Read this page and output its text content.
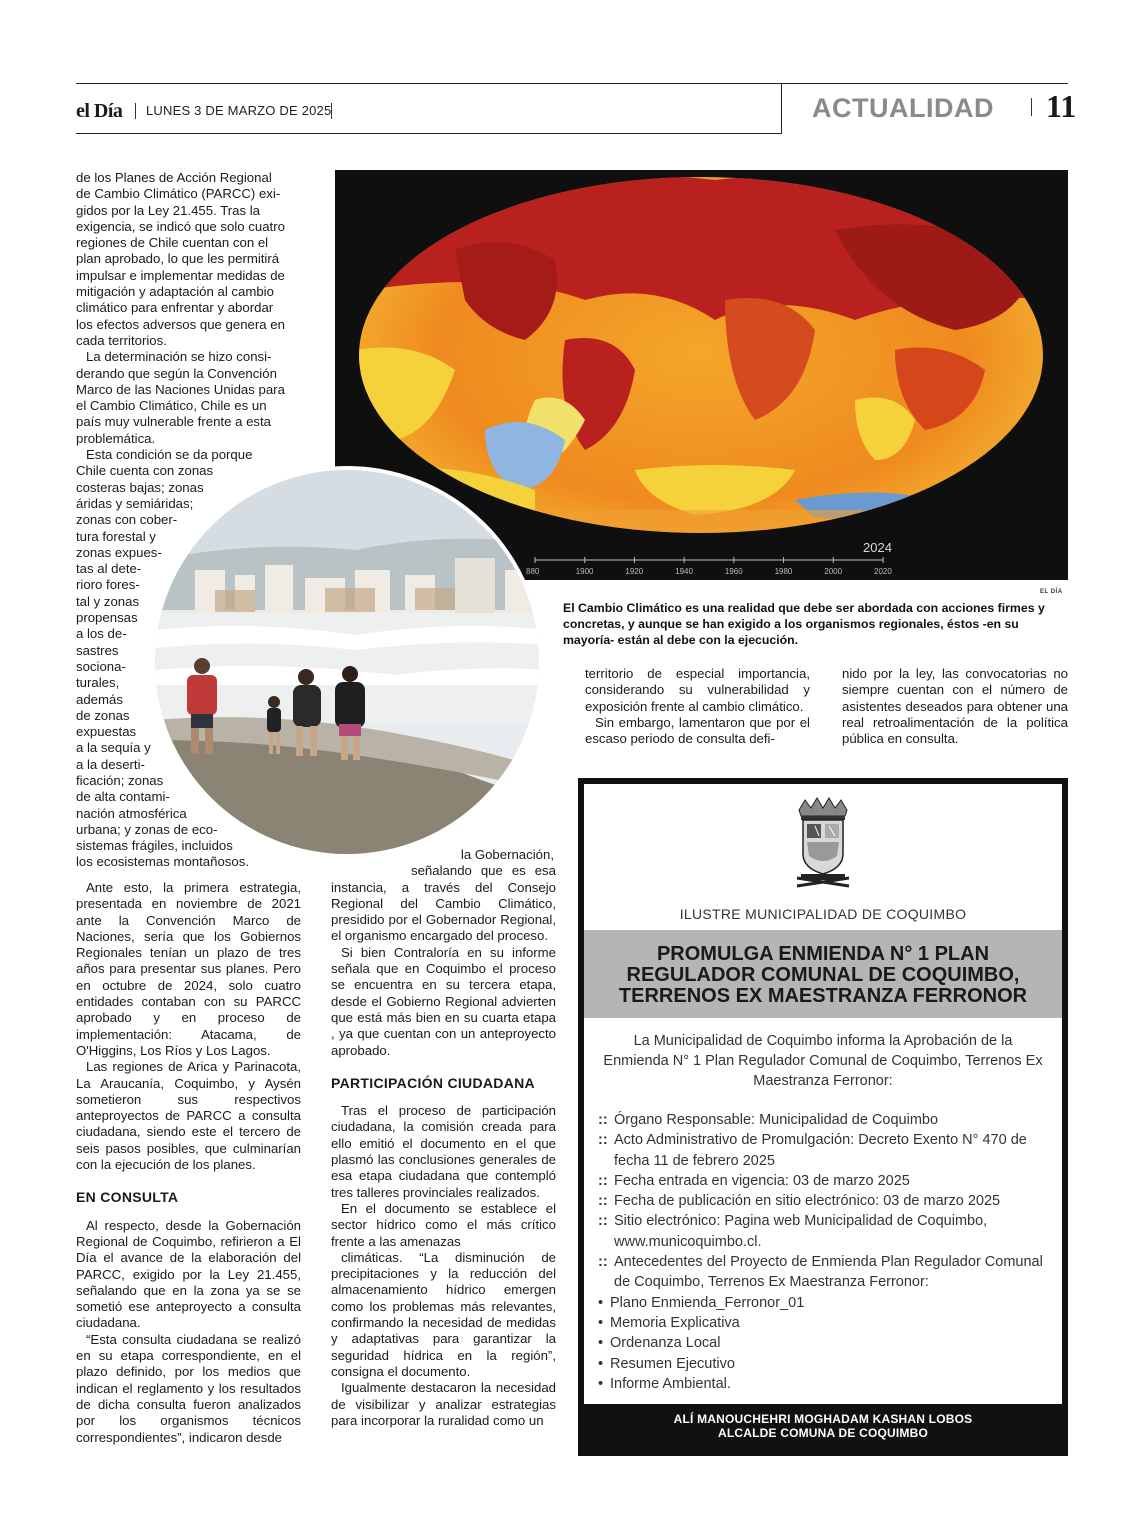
el Día LUNES 3 DE MARZO DE 2025	ACTUALIDAD 11
2024
880	1900	1920	1940	1960	1980	2000	2020
EL DÍA
El Cambio Climático es una realidad que debe ser abordada con acciones firmes y concretas, y aunque se han exigido a los organismos regionales, éstos -en su mayoría- están al debe con la ejecución.
de los Planes de Acción Regional
de Cambio Climático (PARCC) exi-
gidos por la Ley 21.455. Tras la
exigencia, se indicó que solo cuatro
regiones de Chile cuentan con el
plan aprobado, lo que les permitirá
impulsar e implementar medidas de
mitigación y adaptación al cambio
climático para enfrentar y abordar
los efectos adversos que genera en
cada territorios.
La determinación se hizo consi-
derando que según la Convención
Marco de las Naciones Unidas para
el Cambio Climático, Chile es un
país muy vulnerable frente a esta
problemática.
Esta condición se da porque
Chile cuenta con zonas
costeras bajas; zonas
áridas y semiáridas;
zonas con cober-
tura forestal y
zonas expues-
tas al dete-
rioro fores-
tal y zonas
propensas
a los de-
sastres
sociona-
turales,
además
de zonas
expuestas
a la sequía y
a la deserti-
ficación; zonas
de alta contami-
nación atmosférica
urbana; y zonas de eco-
sistemas frágiles, incluidos
los ecosistemas montañosos.

Ante esto, la primera estrategia, presentada en noviembre de 2021 ante la Convención Marco de Naciones, sería que los Gobiernos Regionales tenían un plazo de tres años para presentar sus planes. Pero en octubre de 2024, solo cuatro entidades contaban con su PARCC aprobado y en proceso de implementación: Atacama, de O'Higgins, Los Ríos y Los Lagos.

Las regiones de Arica y Parinacota, La Araucanía, Coquimbo, y Aysén sometieron sus respectivos anteproyectos de PARCC a consulta ciudadana, siendo este el tercero de seis pasos posibles, que culminarían con la ejecución de los planes.

EN CONSULTA

Al respecto, desde la Gobernación Regional de Coquimbo, refirieron a El Día el avance de la elaboración del PARCC, exigido por la Ley 21.455, señalando que en la zona ya se se sometió ese anteproyecto a consulta ciudadana.

“Esta consulta ciudadana se realizó en su etapa correspondiente, en el plazo definido, por los medios que indican el reglamento y los resultados de dicha consulta fueron analizados por los organismos técnicos correspondientes”, indicaron desde

la Gobernación,

señalando que es esa instancia, a través del Consejo Regional del Cambio Climático, presidido por el Gobernador Regional, el organismo encargado del proceso.

Si bien Contraloría en su informe señala que en Coquimbo el proceso se encuentra en su tercera etapa, desde el Gobierno Regional advierten que está más bien en su cuarta etapa , ya que cuentan con un anteproyecto aprobado.

PARTICIPACIÓN CIUDADANA

Tras el proceso de participación ciudadana, la comisión creada para ello emitió el documento en el que plasmó las conclusiones generales de esa etapa ciudadana que contempló tres talleres provinciales realizados.

En el documento se establece el sector hídrico como el más crítico frente a las amenazas

climáticas. “La disminución de precipitaciones y la reducción del almacenamiento hídrico emergen como los problemas más relevantes, confirmando la necesidad de medidas y adaptativas para garantizar la seguridad hídrica en la región”, consigna el documento.

Igualmente destacaron la necesidad de visibilizar y analizar estrategias para incorporar la ruralidad como un

territorio de especial importancia, considerando su vulnerabilidad y exposición frente al cambio climático.

Sin embargo, lamentaron que por el escaso periodo de consulta defi-

nido por la ley, las convocatorias no siempre cuentan con el número de asistentes deseados para obtener una real retroalimentación de la política pública en consulta.

ILUSTRE MUNICIPALIDAD DE COQUIMBO
PROMULGA ENMIENDA N° 1 PLAN
REGULADOR COMUNAL DE COQUIMBO,
TERRENOS EX MAESTRANZA FERRONOR
La Municipalidad de Coquimbo informa la Aprobación de la Enmienda N° 1 Plan Regulador Comunal de Coquimbo, Terrenos Ex Maestranza Ferronor:
:: Órgano Responsable: Municipalidad de Coquimbo
:: Acto Administrativo de Promulgación: Decreto Exento N° 470 de fecha 11 de febrero 2025
:: Fecha entrada en vigencia: 03 de marzo 2025
:: Fecha de publicación en sitio electrónico: 03 de marzo 2025
:: Sitio electrónico: Pagina web Municipalidad de Coquimbo, www.municoquimbo.cl.
:: Antecedentes del Proyecto de Enmienda Plan Regulador Comunal de Coquimbo, Terrenos Ex Maestranza Ferronor:
• Plano Enmienda_Ferronor_01
• Memoria Explicativa
• Ordenanza Local
• Resumen Ejecutivo
• Informe Ambiental.
ALÍ MANOUCHEHRI MOGHADAM KASHAN LOBOS
ALCALDE COMUNA DE COQUIMBO
